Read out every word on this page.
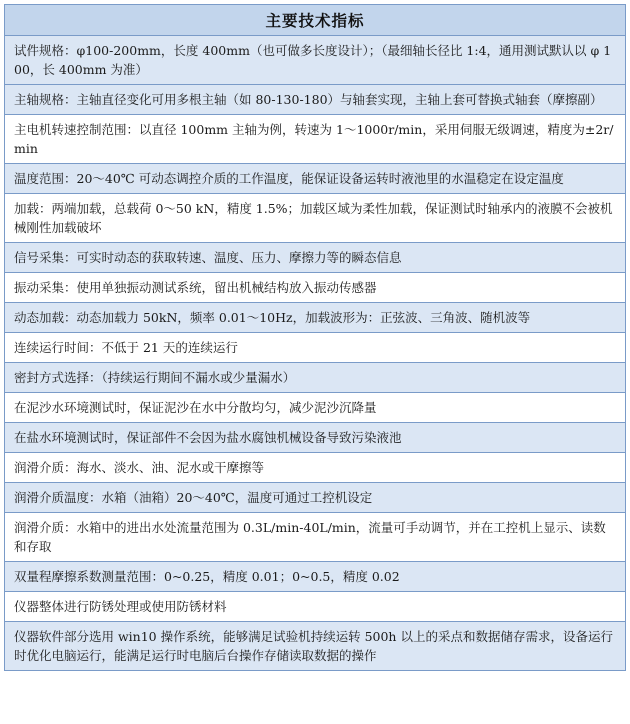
主要技术指标
试件规格：φ100-200mm，长度 400mm（也可做多长度设计）；（最细轴长径比 1:4，通用测试默认以 φ 100，长 400mm 为准）
主轴规格：主轴直径变化可用多根主轴（如 80-130-180）与轴套实现，主轴上套可替换式轴套（摩擦副）
主电机转速控制范围：以直径 100mm 主轴为例，转速为 1～1000r/min，采用伺服无级调速，精度为±2r/min
温度范围：20～40℃ 可动态调控介质的工作温度，能保证设备运转时液池里的水温稳定在设定温度
加载：两端加载，总载荷 0～50 kN，精度 1.5%；加载区域为柔性加载，保证测试时轴承内的液膜不会被机械刚性加载破坏
信号采集：可实时动态的获取转速、温度、压力、摩擦力等的瞬态信息
振动采集：使用单独振动测试系统，留出机械结构放入振动传感器
动态加载：动态加载力 50kN，频率 0.01～10Hz，加载波形为：正弦波、三角波、随机波等
连续运行时间：不低于 21 天的连续运行
密封方式选择：（持续运行期间不漏水或少量漏水）
在泥沙水环境测试时，保证泥沙在水中分散均匀，减少泥沙沉降量
在盐水环境测试时，保证部件不会因为盐水腐蚀机械设备导致污染液池
润滑介质：海水、淡水、油、泥水或干摩擦等
润滑介质温度：水箱（油箱）20～40℃，温度可通过工控机设定
润滑介质：水箱中的进出水处流量范围为 0.3L/min-40L/min，流量可手动调节，并在工控机上显示、读数和存取
双量程摩擦系数测量范围：0~0.25，精度 0.01；0~0.5，精度 0.02
仪器整体进行防锈处理或使用防锈材料
仪器软件部分选用 win10 操作系统，能够满足试验机持续运转 500h 以上的采点和数据储存需求，设备运行时优化电脑运行，能满足运行时电脑后台操作存储读取数据的操作
